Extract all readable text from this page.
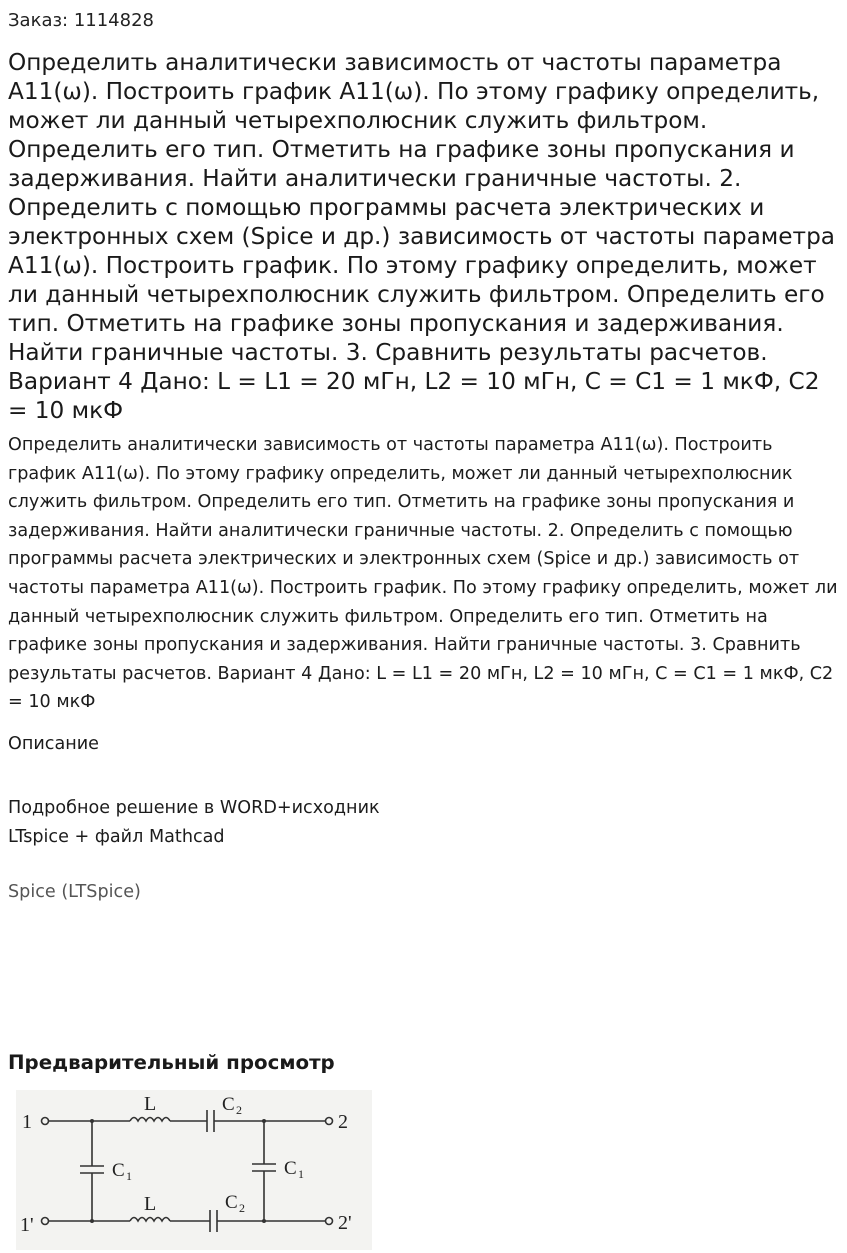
Заказ: 1114828
Определить аналитически зависимость от частоты параметра А11(ω). Построить график А11(ω). По этому графику определить, может ли данный четырехполюсник служить фильтром. Определить его тип. Отметить на графике зоны пропускания и задерживания. Найти аналитически граничные частоты. 2. Определить с помощью программы расчета электрических и электронных схем (Spice и др.) зависимость от частоты параметра А11(ω). Построить график. По этому графику определить, может ли данный четырехполюсник служить фильтром. Определить его тип. Отметить на графике зоны пропускания и задерживания. Найти граничные частоты. 3. Сравнить результаты расчетов. Вариант 4 Дано: L = L1 = 20 мГн, L2 = 10 мГн, C = C1 = 1 мкФ, C2 = 10 мкФ

Определить аналитически зависимость от частоты параметра А11(ω). Построить график А11(ω). По этому графику определить, может ли данный четырехполюсник служить фильтром. Определить его тип. Отметить на графике зоны пропускания и задерживания. Найти аналитически граничные частоты. 2. Определить с помощью программы расчета электрических и электронных схем (Spice и др.) зависимость от частоты параметра А11(ω). Построить график. По этому графику определить, может ли данный четырехполюсник служить фильтром. Определить его тип. Отметить на графике зоны пропускания и задерживания. Найти граничные частоты. 3. Сравнить результаты расчетов. Вариант 4 Дано: L = L1 = 20 мГн, L2 = 10 мГн, C = C1 = 1 мкФ, C2 = 10 мкФ

Описание
Подробное решение в WORD+исходник
LTspice + файл Mathcad
Spice (LTSpice)
Предварительный просмотр
1
1'
2
2'
L
L
C 2
C 2
C 1	C 1
